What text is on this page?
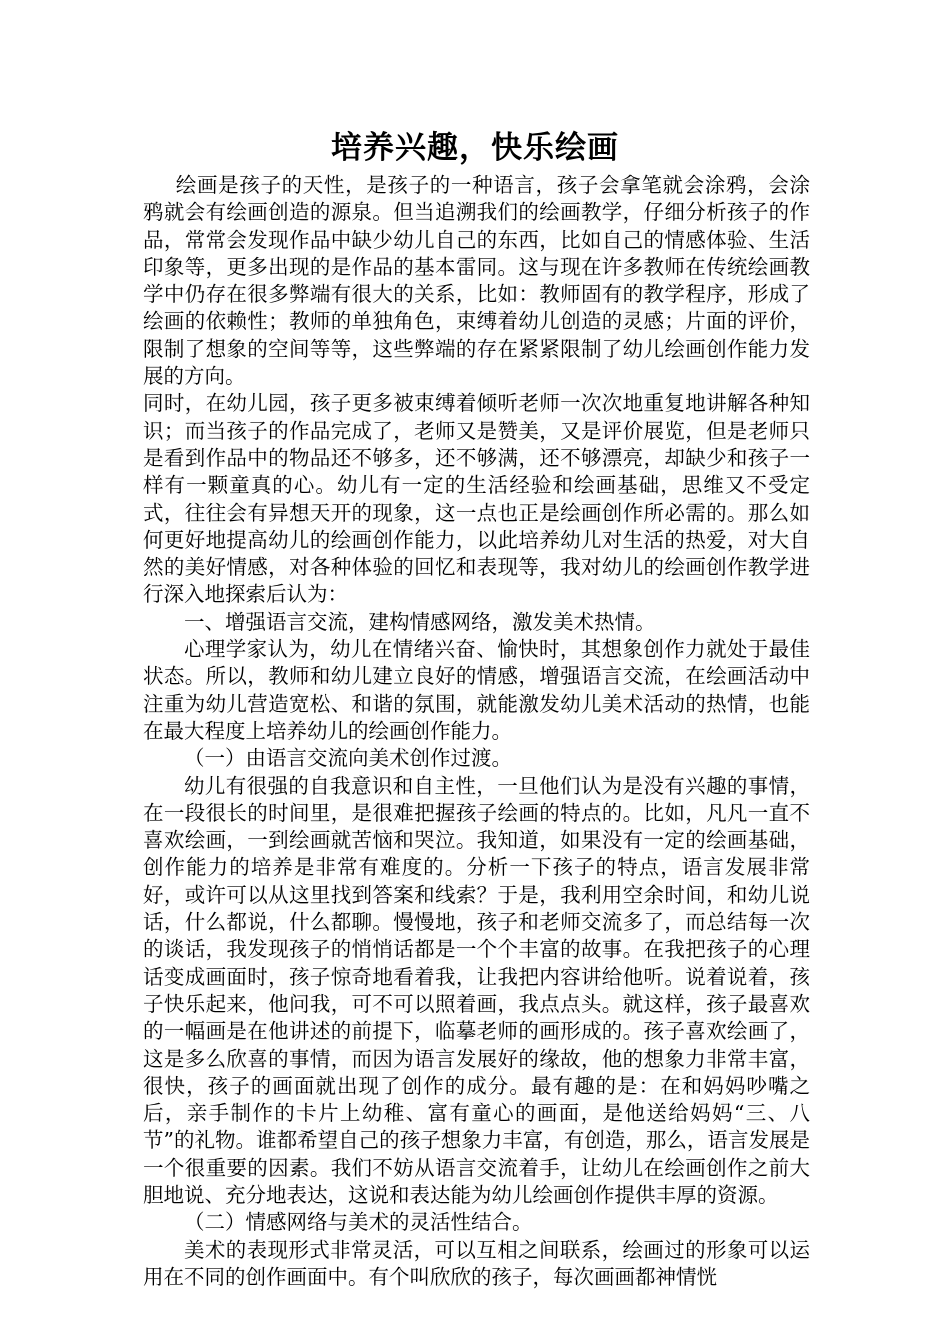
培养兴趣，快乐绘画

绘画是孩子的天性，是孩子的一种语言，孩子会拿笔就会涂鸦，会涂鸦就会有绘画创造的源泉。但当追溯我们的绘画教学，仔细分析孩子的作品，常常会发现作品中缺少幼儿自己的东西，比如自己的情感体验、生活印象等，更多出现的是作品的基本雷同。这与现在许多教师在传统绘画教学中仍存在很多弊端有很大的关系，比如：教师固有的教学程序，形成了绘画的依赖性；教师的单独角色，束缚着幼儿创造的灵感；片面的评价，限制了想象的空间等等，这些弊端的存在紧紧限制了幼儿绘画创作能力发展的方向。

同时，在幼儿园，孩子更多被束缚着倾听老师一次次地重复地讲解各种知识；而当孩子的作品完成了，老师又是赞美，又是评价展览，但是老师只是看到作品中的物品还不够多，还不够满，还不够漂亮，却缺少和孩子一样有一颗童真的心。幼儿有一定的生活经验和绘画基础，思维又不受定式，往往会有异想天开的现象，这一点也正是绘画创作所必需的。那么如何更好地提高幼儿的绘画创作能力，以此培养幼儿对生活的热爱，对大自然的美好情感，对各种体验的回忆和表现等，我对幼儿的绘画创作教学进行深入地探索后认为：

一、增强语言交流，建构情感网络，激发美术热情。

心理学家认为，幼儿在情绪兴奋、愉快时，其想象创作力就处于最佳状态。所以，教师和幼儿建立良好的情感，增强语言交流，在绘画活动中注重为幼儿营造宽松、和谐的氛围，就能激发幼儿美术活动的热情，也能在最大程度上培养幼儿的绘画创作能力。

（一）由语言交流向美术创作过渡。

幼儿有很强的自我意识和自主性，一旦他们认为是没有兴趣的事情，在一段很长的时间里，是很难把握孩子绘画的特点的。比如，凡凡一直不喜欢绘画，一到绘画就苦恼和哭泣。我知道，如果没有一定的绘画基础，创作能力的培养是非常有难度的。分析一下孩子的特点，语言发展非常好，或许可以从这里找到答案和线索？于是，我利用空余时间，和幼儿说话，什么都说，什么都聊。慢慢地，孩子和老师交流多了，而总结每一次的谈话，我发现孩子的悄悄话都是一个个丰富的故事。在我把孩子的心理话变成画面时，孩子惊奇地看着我，让我把内容讲给他听。说着说着，孩子快乐起来，他问我，可不可以照着画，我点点头。就这样，孩子最喜欢的一幅画是在他讲述的前提下，临摹老师的画形成的。孩子喜欢绘画了，这是多么欣喜的事情，而因为语言发展好的缘故，他的想象力非常丰富，很快，孩子的画面就出现了创作的成分。最有趣的是：在和妈妈吵嘴之后，亲手制作的卡片上幼稚、富有童心的画面，是他送给妈妈“三、八节”的礼物。谁都希望自己的孩子想象力丰富，有创造，那么，语言发展是一个很重要的因素。我们不妨从语言交流着手，让幼儿在绘画创作之前大胆地说、充分地表达，这说和表达能为幼儿绘画创作提供丰厚的资源。

（二）情感网络与美术的灵活性结合。

美术的表现形式非常灵活，可以互相之间联系，绘画过的形象可以运用在不同的创作画面中。有个叫欣欣的孩子，每次画画都神情恍
